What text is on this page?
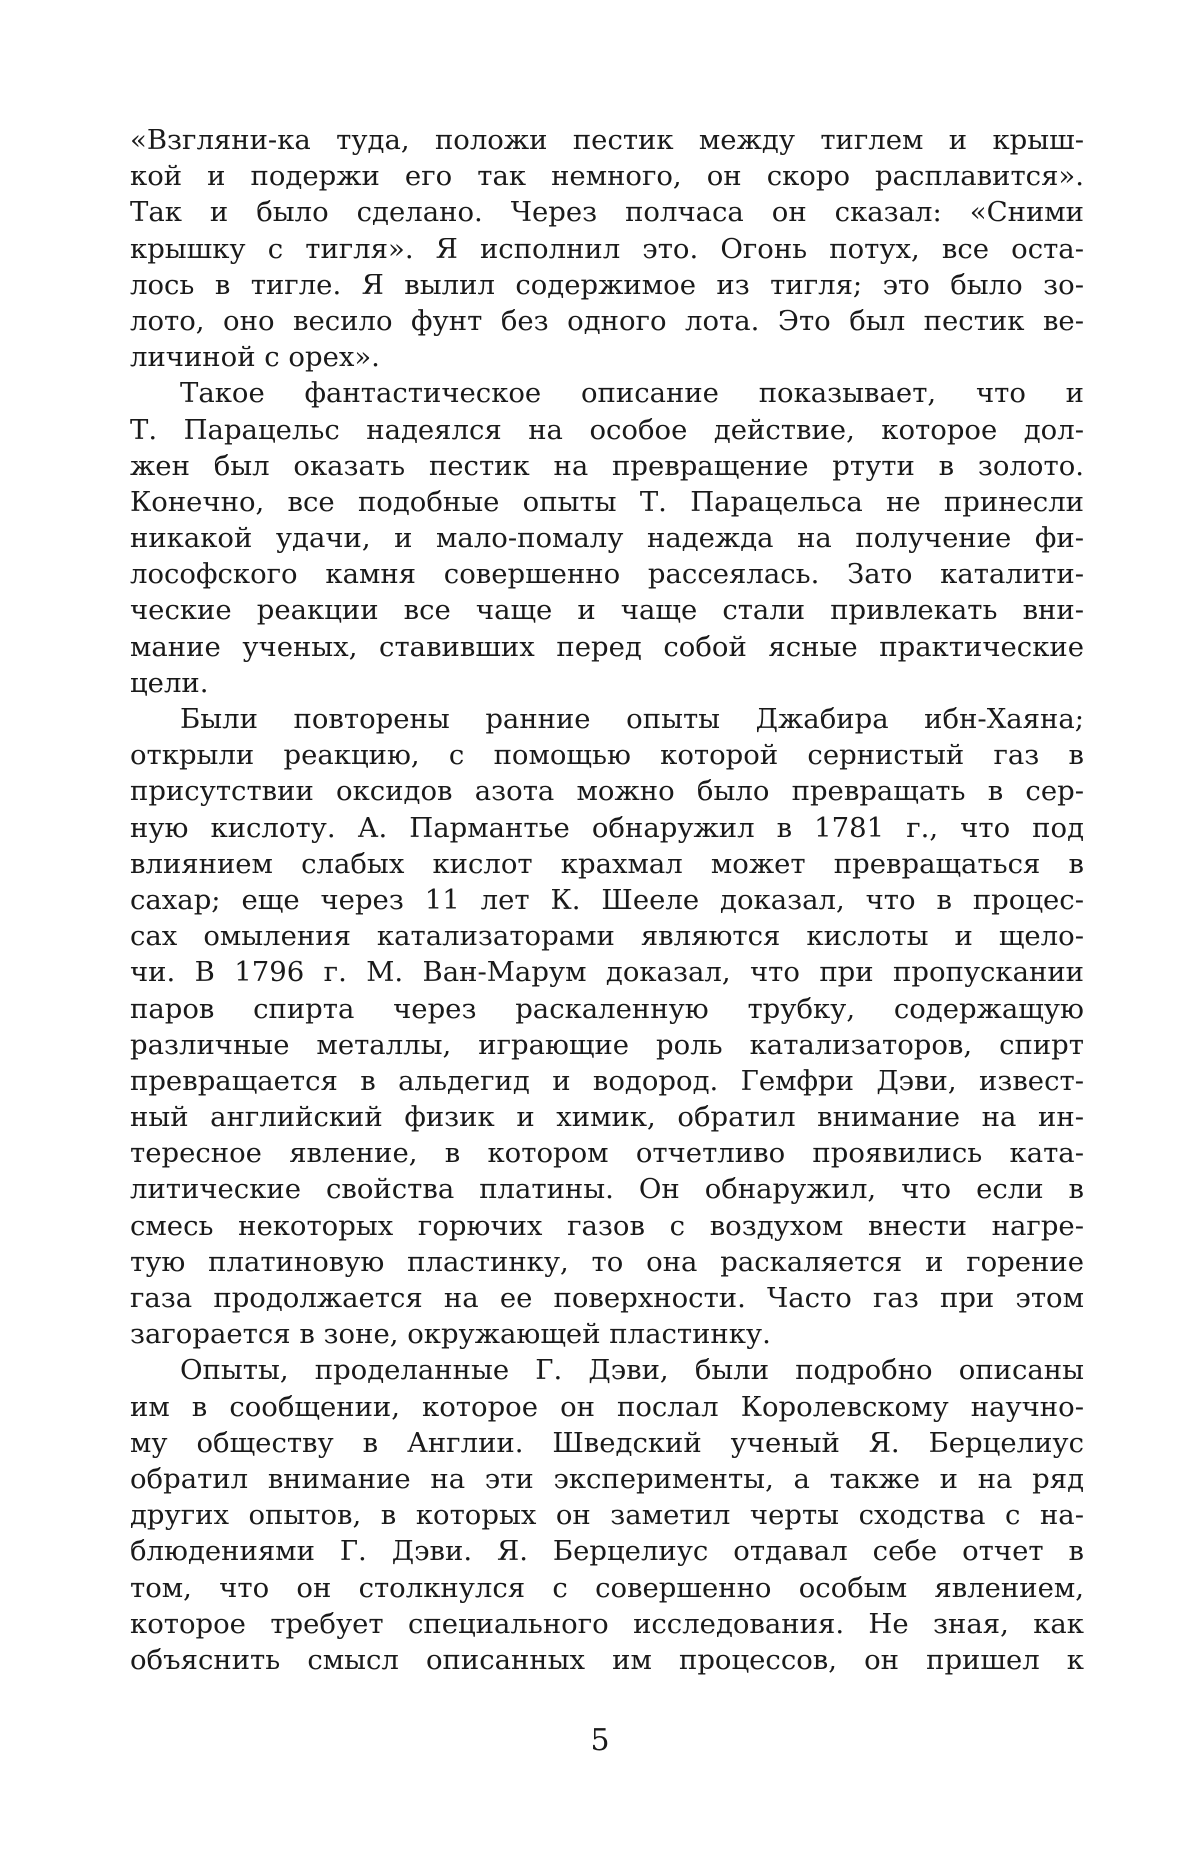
«Взгляни-ка туда, положи пестик между тиглем и крыш-
кой и подержи его так немного, он скоро расплавится».
Так и было сделано. Через полчаса он сказал: «Сними
крышку с тигля». Я исполнил это. Огонь потух, все оста-
лось в тигле. Я вылил содержимое из тигля; это было зо-
лото, оно весило фунт без одного лота. Это был пестик ве-
личиной с орех».
Такое фантастическое описание показывает, что и
Т. Парацельс надеялся на особое действие, которое дол-
жен был оказать пестик на превращение ртути в золото.
Конечно, все подобные опыты Т. Парацельса не принесли
никакой удачи, и мало-помалу надежда на получение фи-
лософского камня совершенно рассеялась. Зато каталити-
ческие реакции все чаще и чаще стали привлекать вни-
мание ученых, ставивших перед собой ясные практические
цели.
Были повторены ранние опыты Джабира ибн-Хаяна;
открыли реакцию, с помощью которой сернистый газ в
присутствии оксидов азота можно было превращать в сер-
ную кислоту. А. Пармантье обнаружил в 1781 г., что под
влиянием слабых кислот крахмал может превращаться в
сахар; еще через 11 лет К. Шееле доказал, что в процес-
сах омыления катализаторами являются кислоты и щело-
чи. В 1796 г. М. Ван-Марум доказал, что при пропускании
паров спирта через раскаленную трубку, содержащую
различные металлы, играющие роль катализаторов, спирт
превращается в альдегид и водород. Гемфри Дэви, извест-
ный английский физик и химик, обратил внимание на ин-
тересное явление, в котором отчетливо проявились ката-
литические свойства платины. Он обнаружил, что если в
смесь некоторых горючих газов с воздухом внести нагре-
тую платиновую пластинку, то она раскаляется и горение
газа продолжается на ее поверхности. Часто газ при этом
загорается в зоне, окружающей пластинку.
Опыты, проделанные Г. Дэви, были подробно описаны
им в сообщении, которое он послал Королевскому научно-
му обществу в Англии. Шведский ученый Я. Берцелиус
обратил внимание на эти эксперименты, а также и на ряд
других опытов, в которых он заметил черты сходства с на-
блюдениями Г. Дэви. Я. Берцелиус отдавал себе отчет в
том, что он столкнулся с совершенно особым явлением,
которое требует специального исследования. Не зная, как
объяснить смысл описанных им процессов, он пришел к
5
